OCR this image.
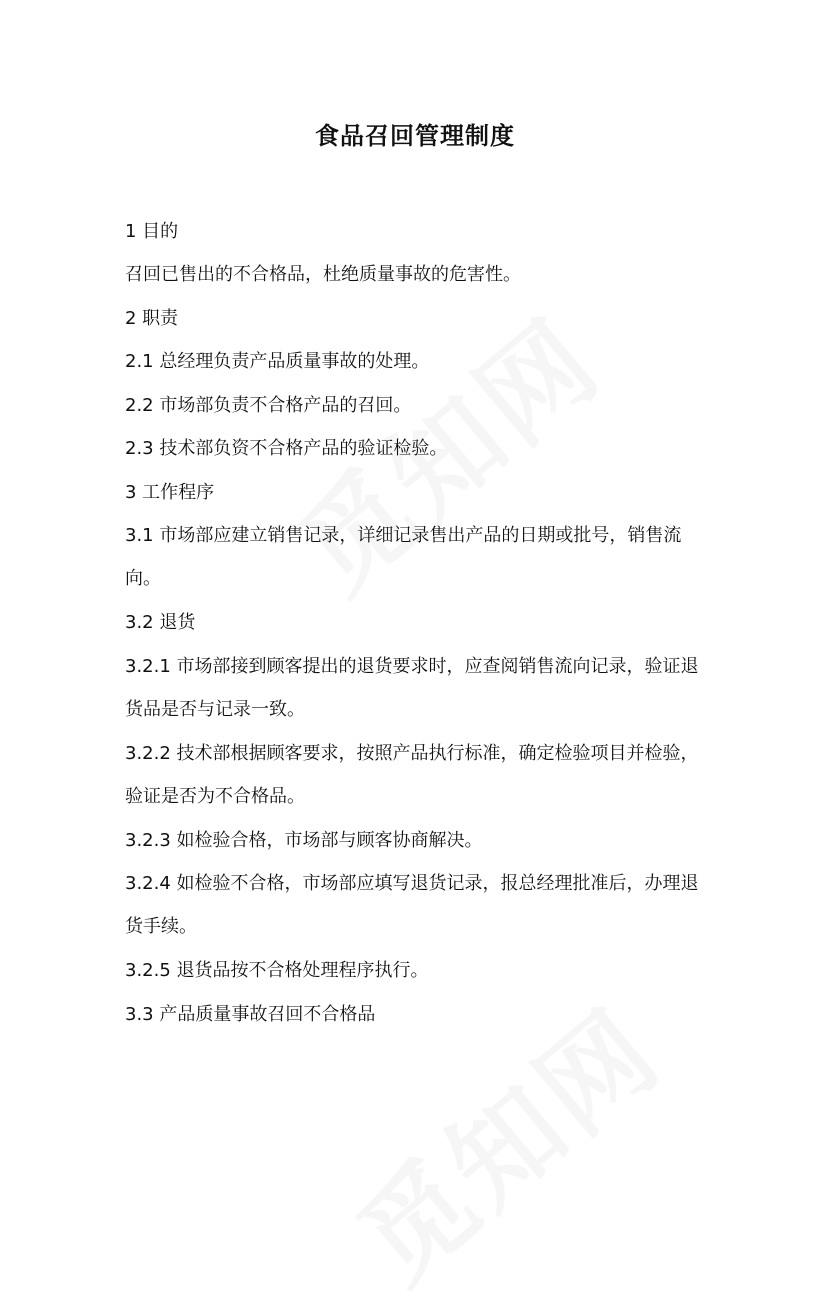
食品召回管理制度
1 目的
召回已售出的不合格品，杜绝质量事故的危害性。
2 职责
2.1 总经理负责产品质量事故的处理。
2.2 市场部负责不合格产品的召回。
2.3 技术部负资不合格产品的验证检验。
3 工作程序
3.1 市场部应建立销售记录，详细记录售出产品的日期或批号，销售流向。
3.2 退货
3.2.1 市场部接到顾客提出的退货要求时，应查阅销售流向记录，验证退货品是否与记录一致。
3.2.2 技术部根据顾客要求，按照产品执行标准，确定检验项目并检验，验证是否为不合格品。
3.2.3 如检验合格，市场部与顾客协商解决。
3.2.4 如检验不合格，市场部应填写退货记录，报总经理批准后，办理退货手续。
3.2.5 退货品按不合格处理程序执行。
3.3 产品质量事故召回不合格品
